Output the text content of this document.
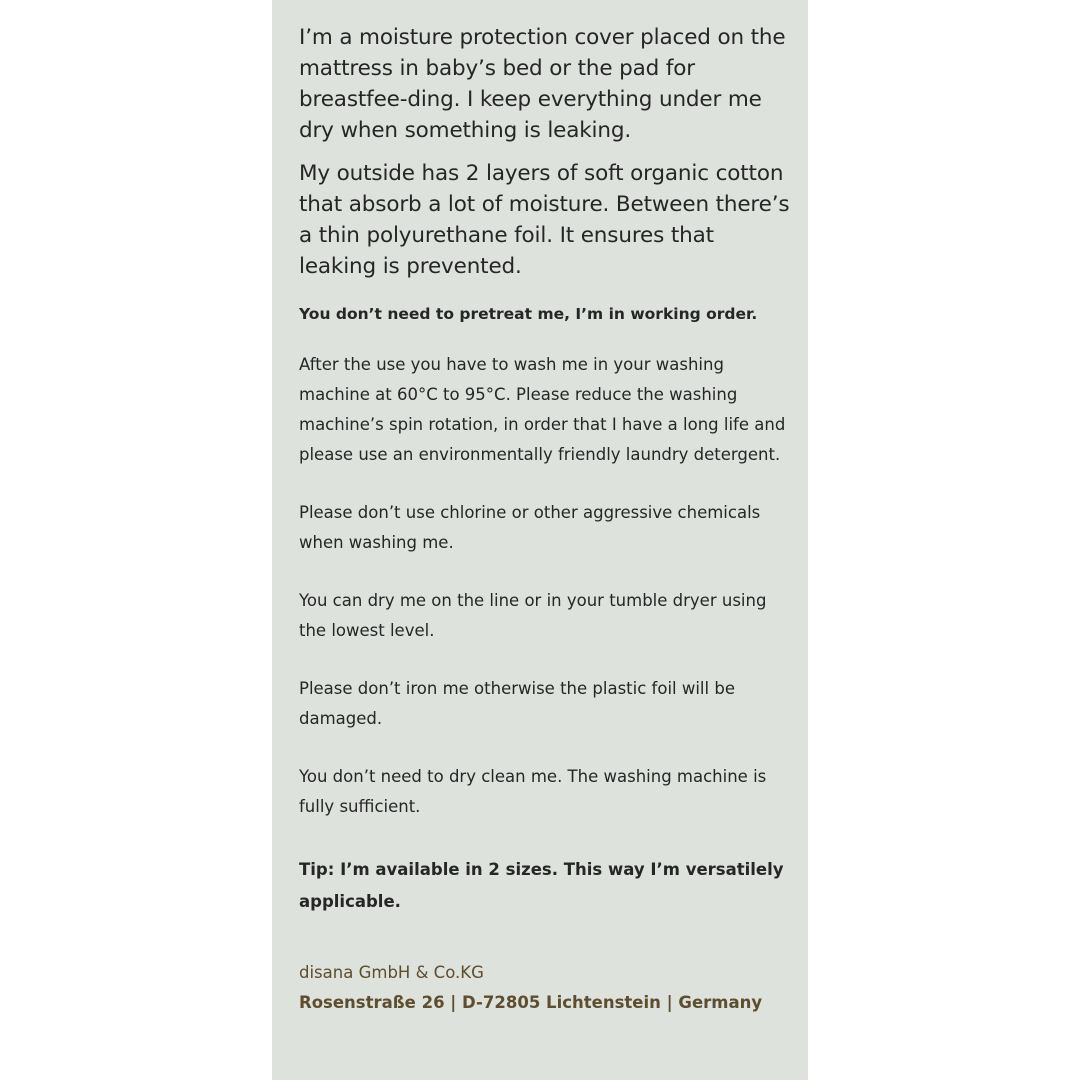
I’m a moisture protection cover placed on the mattress in baby’s bed or the pad for breastfee-ding. I keep everything under me dry when something is leaking.

My outside has 2 layers of soft organic cotton that absorb a lot of moisture. Between there’s a thin polyurethane foil. It ensures that leaking is prevented.

You don’t need to pretreat me, I’m in working order.

After the use you have to wash me in your washing machine at 60°C to 95°C. Please reduce the washing machine’s spin rotation, in order that I have a long life and please use an environmentally friendly laundry detergent.

Please don’t use chlorine or other aggressive chemicals when washing me.

You can dry me on the line or in your tumble dryer using the lowest level.

Please don’t iron me otherwise the plastic foil will be damaged.

You don’t need to dry clean me. The washing machine is fully sufficient.

Tip: I’m available in 2 sizes. This way I’m versatilely applicable.

disana GmbH & Co.KG

Rosenstraße 26 | D-72805 Lichtenstein | Germany
